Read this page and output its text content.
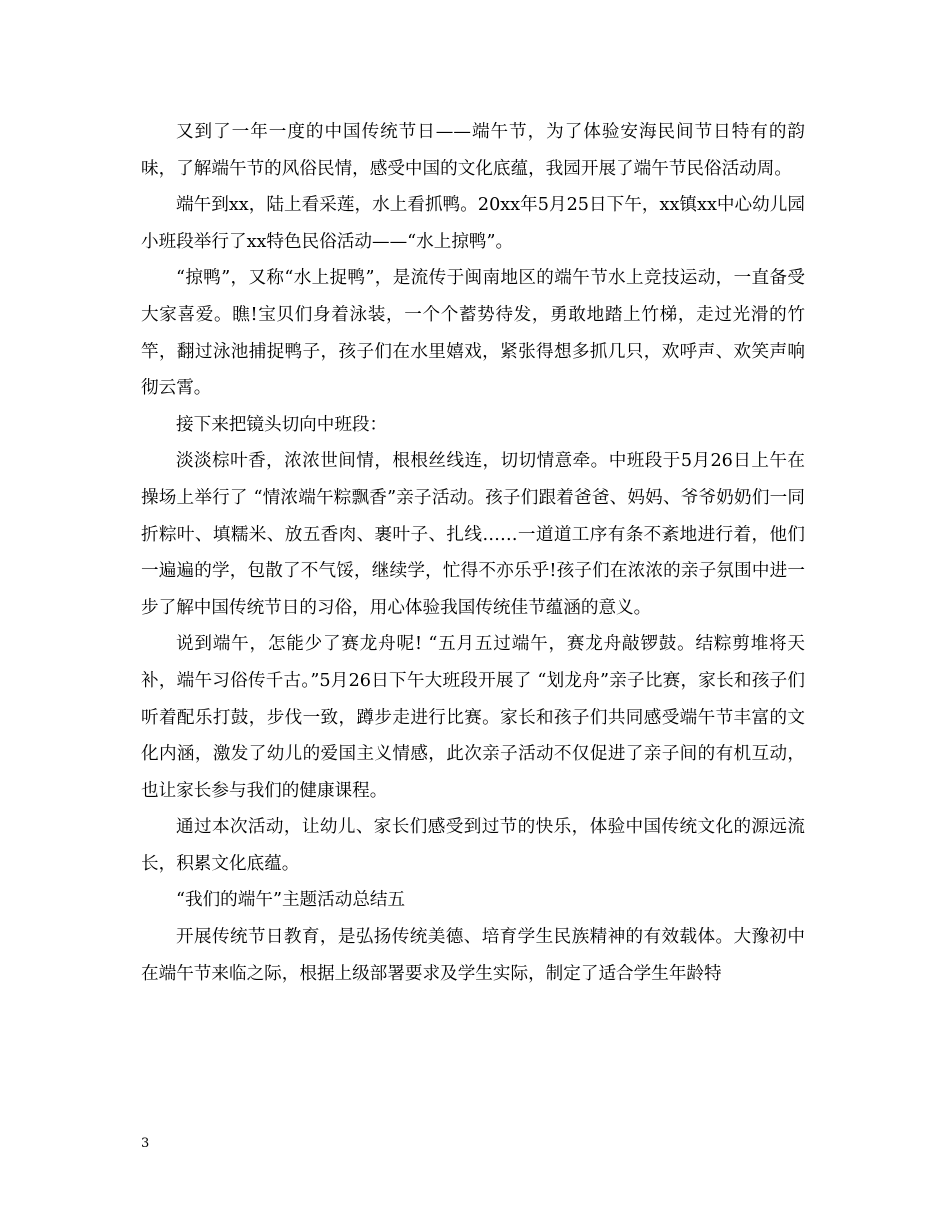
又到了一年一度的中国传统节日——端午节，为了体验安海民间节日特有的韵味，了解端午节的风俗民情，感受中国的文化底蕴，我园开展了端午节民俗活动周。

端午到xx，陆上看采莲，水上看抓鸭。20xx年5月25日下午，xx镇xx中心幼儿园小班段举行了xx特色民俗活动——“水上掠鸭”。

“掠鸭”，又称“水上捉鸭”，是流传于闽南地区的端午节水上竞技运动，一直备受大家喜爱。瞧!宝贝们身着泳装，一个个蓄势待发，勇敢地踏上竹梯，走过光滑的竹竿，翻过泳池捕捉鸭子，孩子们在水里嬉戏，紧张得想多抓几只，欢呼声、欢笑声响彻云霄。

接下来把镜头切向中班段：

淡淡棕叶香，浓浓世间情，根根丝线连，切切情意牵。中班段于5月26日上午在操场上举行了 “情浓端午粽飘香”亲子活动。孩子们跟着爸爸、妈妈、爷爷奶奶们一同折粽叶、填糯米、放五香肉、裹叶子、扎线……一道道工序有条不紊地进行着，他们一遍遍的学，包散了不气馁，继续学，忙得不亦乐乎!孩子们在浓浓的亲子氛围中进一步了解中国传统节日的习俗，用心体验我国传统佳节蕴涵的意义。

说到端午，怎能少了赛龙舟呢! “五月五过端午，赛龙舟敲锣鼓。结粽剪堆将天补，端午习俗传千古。”5月26日下午大班段开展了 “划龙舟”亲子比赛，家长和孩子们听着配乐打鼓，步伐一致，蹲步走进行比赛。家长和孩子们共同感受端午节丰富的文化内涵，激发了幼儿的爱国主义情感，此次亲子活动不仅促进了亲子间的有机互动，也让家长参与我们的健康课程。

通过本次活动，让幼儿、家长们感受到过节的快乐，体验中国传统文化的源远流长，积累文化底蕴。

“我们的端午”主题活动总结五

开展传统节日教育，是弘扬传统美德、培育学生民族精神的有效载体。大豫初中在端午节来临之际，根据上级部署要求及学生实际，制定了适合学生年龄特

3
